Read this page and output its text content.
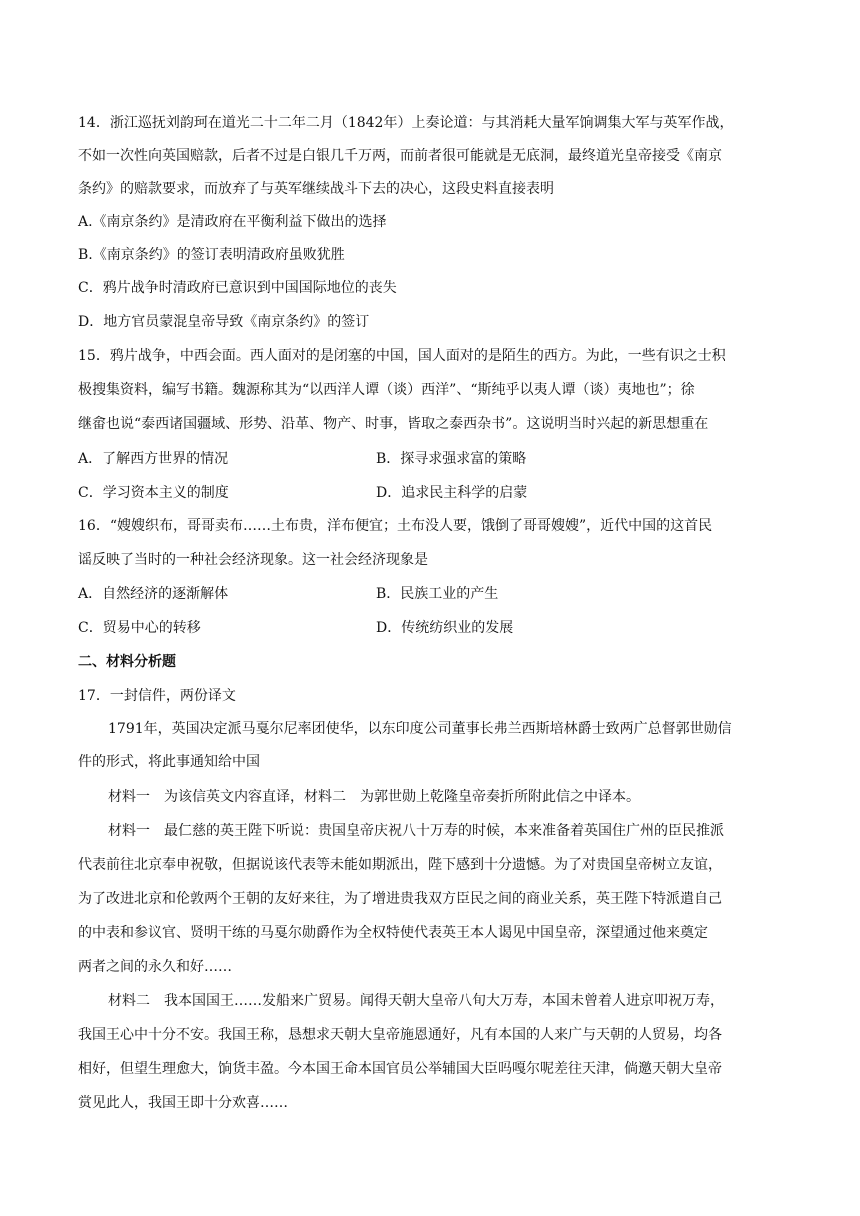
14．浙江巡抚刘韵珂在道光二十二年二月（1842年）上奏论道：与其消耗大量军饷调集大军与英军作战，
不如一次性向英国赔款，后者不过是白银几千万两，而前者很可能就是无底洞，最终道光皇帝接受《南京
条约》的赔款要求，而放弃了与英军继续战斗下去的决心，这段史料直接表明
A.《南京条约》是清政府在平衡利益下做出的选择
B.《南京条约》的签订表明清政府虽败犹胜
C．鸦片战争时清政府已意识到中国国际地位的丧失
D．地方官员蒙混皇帝导致《南京条约》的签订
15．鸦片战争，中西会面。西人面对的是闭塞的中国，国人面对的是陌生的西方。为此，一些有识之士积
极搜集资料，编写书籍。魏源称其为“以西洋人谭（谈）西洋”、“斯纯乎以夷人谭（谈）夷地也”；徐
继畲也说“泰西诸国疆域、形势、沿革、物产、时事，皆取之泰西杂书”。这说明当时兴起的新思想重在
A．了解西方世界的情况	B．探寻求强求富的策略
C．学习资本主义的制度	D．追求民主科学的启蒙
16．“嫂嫂织布，哥哥卖布……土布贵，洋布便宜；土布没人要，饿倒了哥哥嫂嫂”，近代中国的这首民
谣反映了当时的一种社会经济现象。这一社会经济现象是
A．自然经济的逐渐解体	B．民族工业的产生
C．贸易中心的转移	D．传统纺织业的发展
二、材料分析题
17．一封信件，两份译文
1791年，英国决定派马戛尔尼率团使华，以东印度公司董事长弗兰西斯培林爵士致两广总督郭世勋信
件的形式，将此事通知给中国
材料一　为该信英文内容直译，材料二　为郭世勋上乾隆皇帝奏折所附此信之中译本。
材料一　最仁慈的英王陛下听说：贵国皇帝庆祝八十万寿的时候，本来准备着英国住广州的臣民推派
代表前往北京奉申祝敬，但据说该代表等未能如期派出，陛下感到十分遗憾。为了对贵国皇帝树立友谊，
为了改进北京和伦敦两个王朝的友好来往，为了增进贵我双方臣民之间的商业关系，英王陛下特派遣自己
的中表和参议官、贤明干练的马戛尔勋爵作为全权特使代表英王本人谒见中国皇帝，深望通过他来奠定
两者之间的永久和好……
材料二　我本国国王……发船来广贸易。闻得天朝大皇帝八旬大万寿，本国未曾着人进京叩祝万寿，
我国王心中十分不安。我国王称，恳想求天朝大皇帝施恩通好，凡有本国的人来广与天朝的人贸易，均各
相好，但望生理愈大，饷货丰盈。今本国王命本国官员公举辅国大臣吗嘎尔呢差往天津，倘邀天朝大皇帝
赏见此人，我国王即十分欢喜……
